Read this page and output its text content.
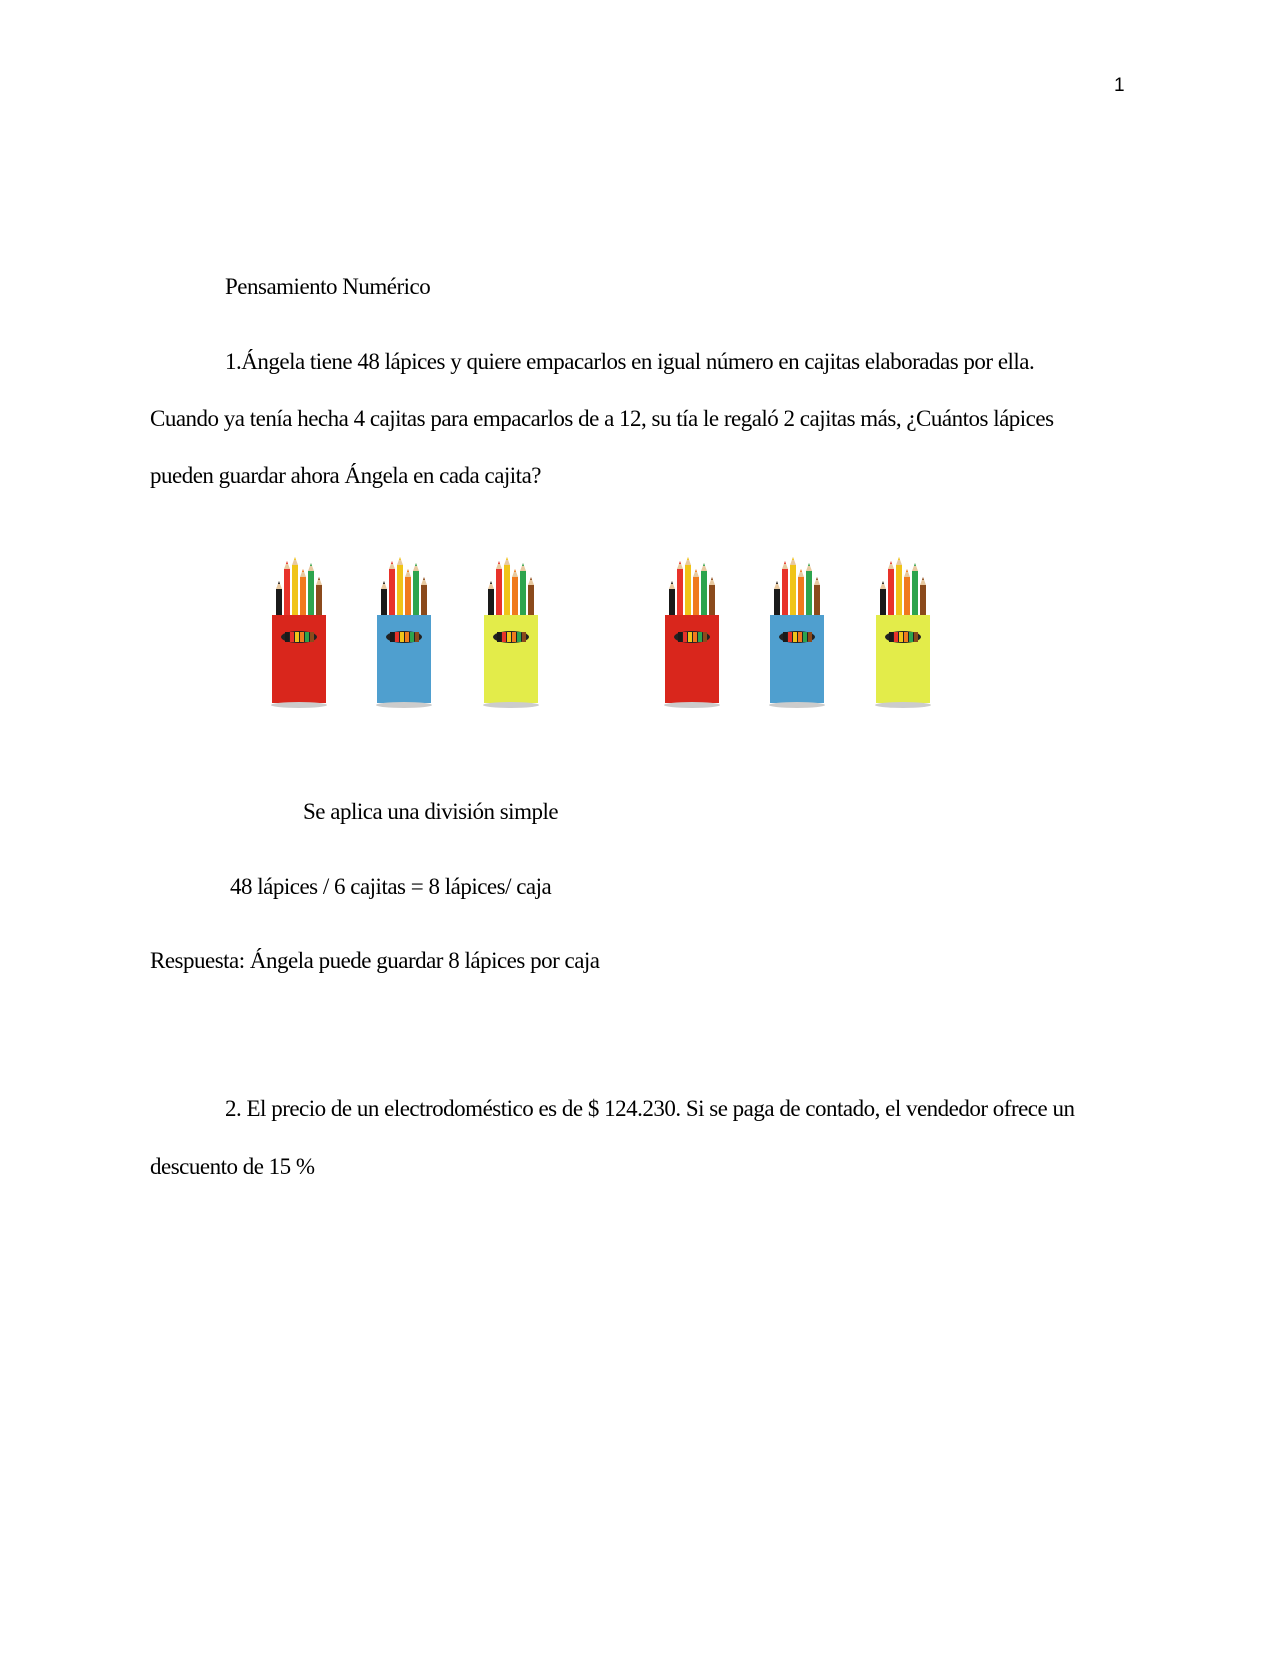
1
Pensamiento Numérico
1.Ángela tiene 48 lápices y quiere empacarlos en igual número en cajitas elaboradas por ella.
Cuando ya tenía hecha 4 cajitas para empacarlos de a 12, su tía le regaló 2 cajitas más, ¿Cuántos lápices
pueden guardar ahora Ángela en cada cajita?
Se aplica una división simple
48 lápices / 6 cajitas = 8 lápices/ caja
Respuesta: Ángela puede guardar 8 lápices por caja
2. El precio de un electrodoméstico es de $ 124.230. Si se paga de contado, el vendedor ofrece un
descuento de 15 %
